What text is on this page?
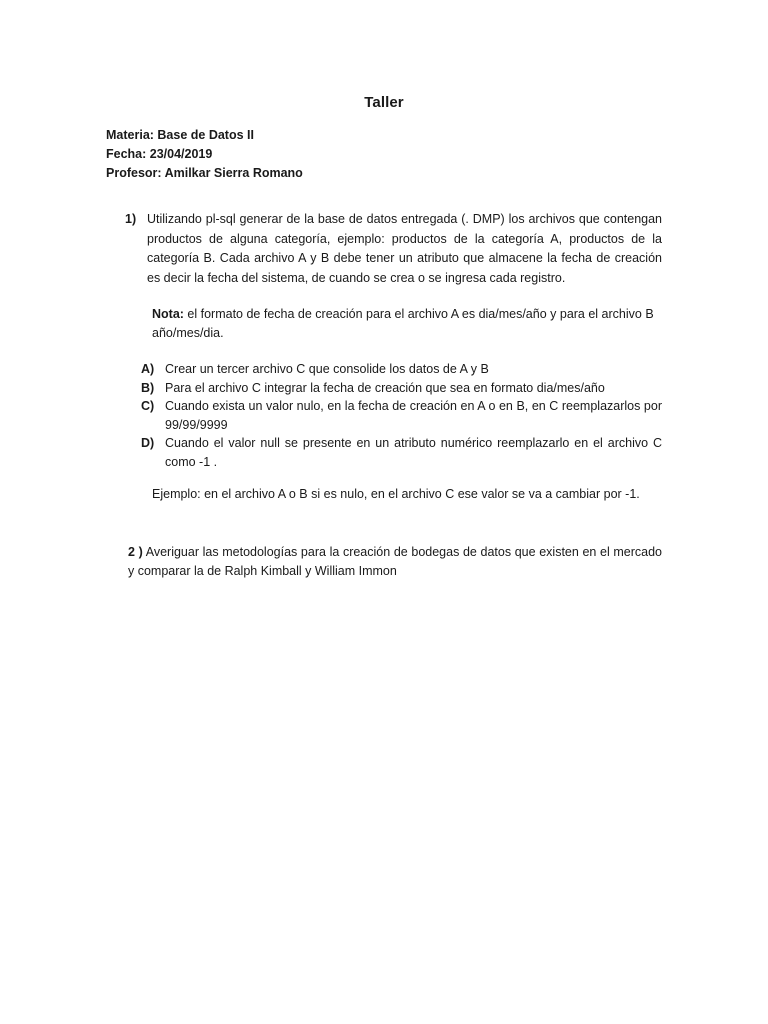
Taller
Materia: Base de Datos II
Fecha: 23/04/2019
Profesor: Amilkar Sierra Romano
1) Utilizando pl-sql generar de la base de datos entregada (. DMP) los archivos que contengan productos de alguna categoría, ejemplo: productos de la categoría A, productos de la categoría B. Cada archivo A y B debe tener un atributo que almacene la fecha de creación es decir la fecha del sistema, de cuando se crea o se ingresa cada registro.
Nota: el formato de fecha de creación para el archivo A es dia/mes/año y para el archivo B año/mes/dia.
A) Crear un tercer archivo C que consolide los datos de A y B
B) Para el archivo C integrar la fecha de creación que sea en formato dia/mes/año
C) Cuando exista un valor nulo, en la fecha de creación en A o en B, en C reemplazarlos por 99/99/9999
D) Cuando el valor null se presente en un atributo numérico reemplazarlo en el archivo C como -1 .
Ejemplo: en el archivo A o B si es nulo, en el archivo C ese valor se va a cambiar por -1.
2 ) Averiguar las metodologías para la creación de bodegas de datos que existen en el mercado y comparar la de Ralph Kimball y William Immon
